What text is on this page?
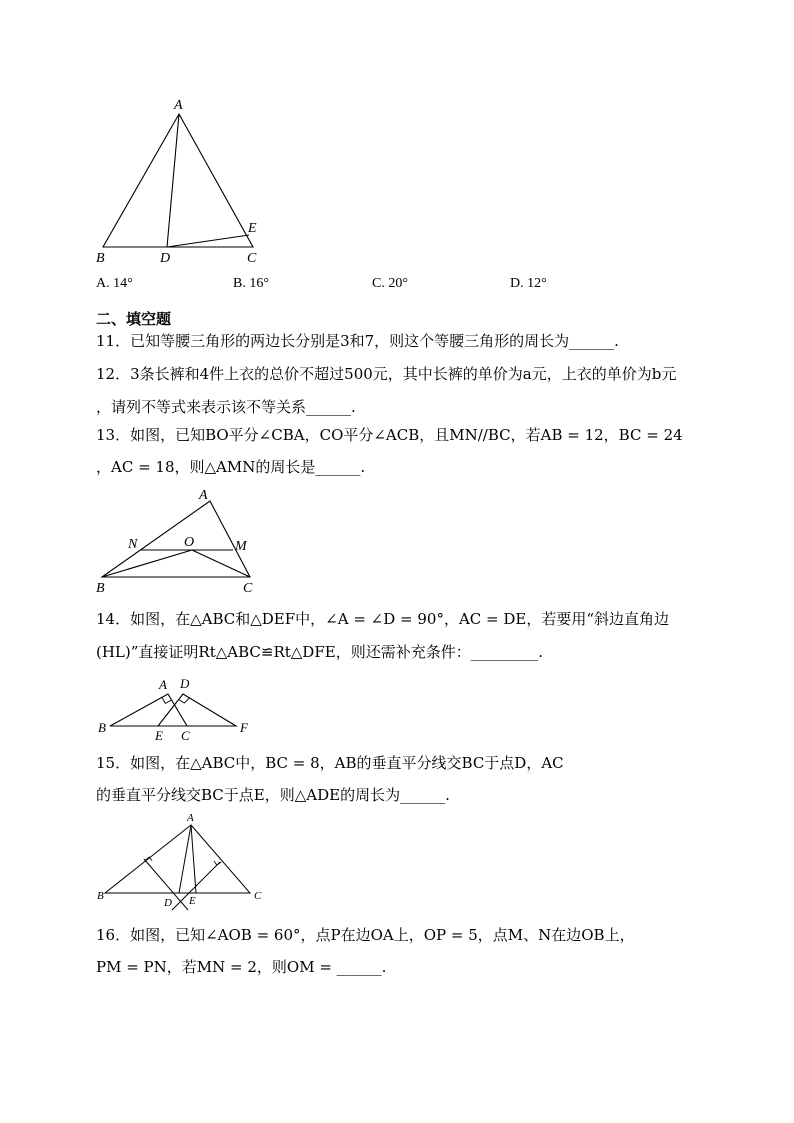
A
B	D	C
E
A. 14°	B. 16°	C. 20°	D. 12°
二、填空题
11．已知等腰三角形的两边长分别是3和7，则这个等腰三角形的周长为______.
12．3条长裤和4件上衣的总价不超过500元，其中长裤的单价为a元，上衣的单价为b元
，请列不等式来表示该不等关系______.
13．如图，已知BO平分∠CBA，CO平分∠ACB，且MN//BC，若AB = 12，BC = 24
，AC = 18，则△AMN的周长是______.
A
N	O	M
B	C
14．如图，在△ABC和△DEF中，∠A = ∠D = 90°，AC = DE，若要用“斜边直角边
(HL)”直接证明Rt△ABC≌Rt△DFE，则还需补充条件：_________.
A D
B
E C
F
15．如图，在△ABC中，BC = 8，AB的垂直平分线交BC于点D，AC
的垂直平分线交BC于点E，则△ADE的周长为______.
A
B	C
D E
16．如图，已知∠AOB = 60°，点P在边OA上，OP = 5，点M、N在边OB上，
PM = PN，若MN = 2，则OM = ______.
